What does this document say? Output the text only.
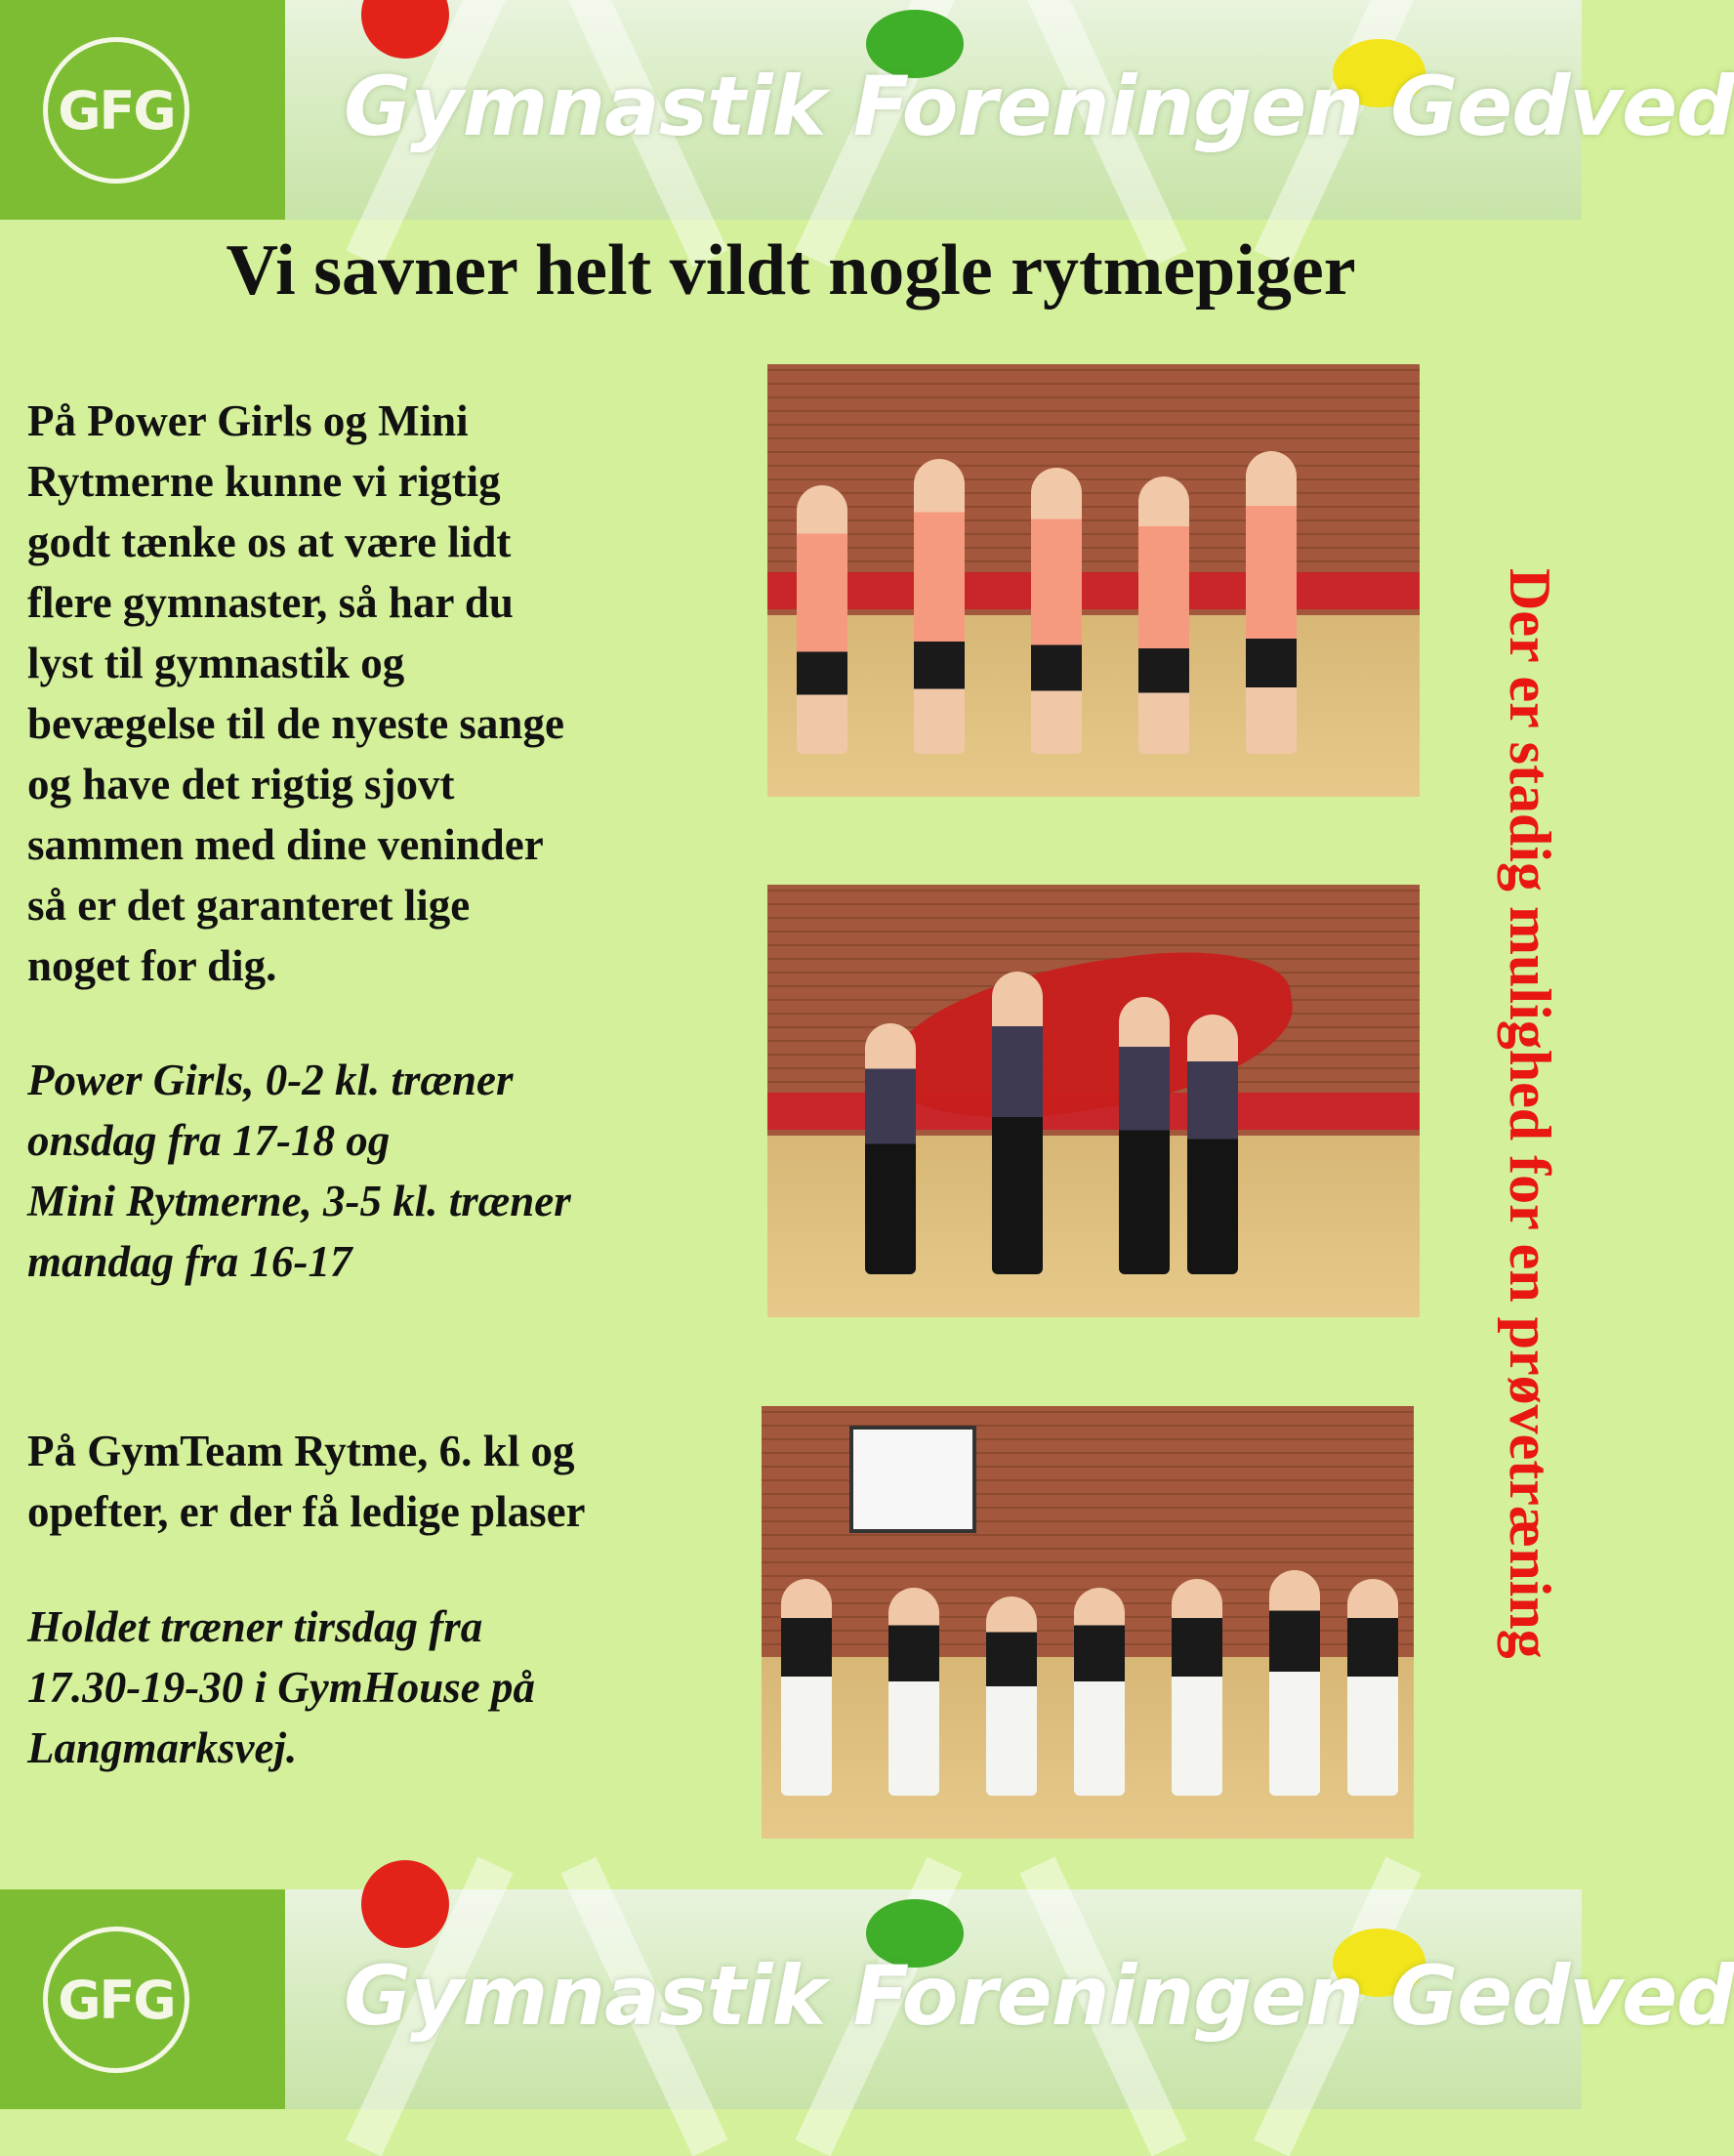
GFG Gymnastik Foreningen Gedved
Vi savner helt vildt nogle rytmepiger
På Power Girls og Mini
Rytmerne kunne vi rigtig
godt tænke os at være lidt
flere gymnaster, så har du
lyst til gymnastik og
bevægelse til de nyeste sange
og have det rigtig sjovt
sammen med dine veninder
så er det garanteret lige
noget for dig.
Power Girls, 0-2 kl. træner
onsdag fra 17-18 og
Mini Rytmerne, 3-5 kl. træner
mandag fra 16-17
På GymTeam Rytme, 6. kl og
opefter, er der få ledige plaser
Holdet træner tirsdag fra
17.30-19-30 i GymHouse på
Langmarksvej.
Der er stadig mulighed for en prøvetræning
GFG Gymnastik Foreningen Gedved
